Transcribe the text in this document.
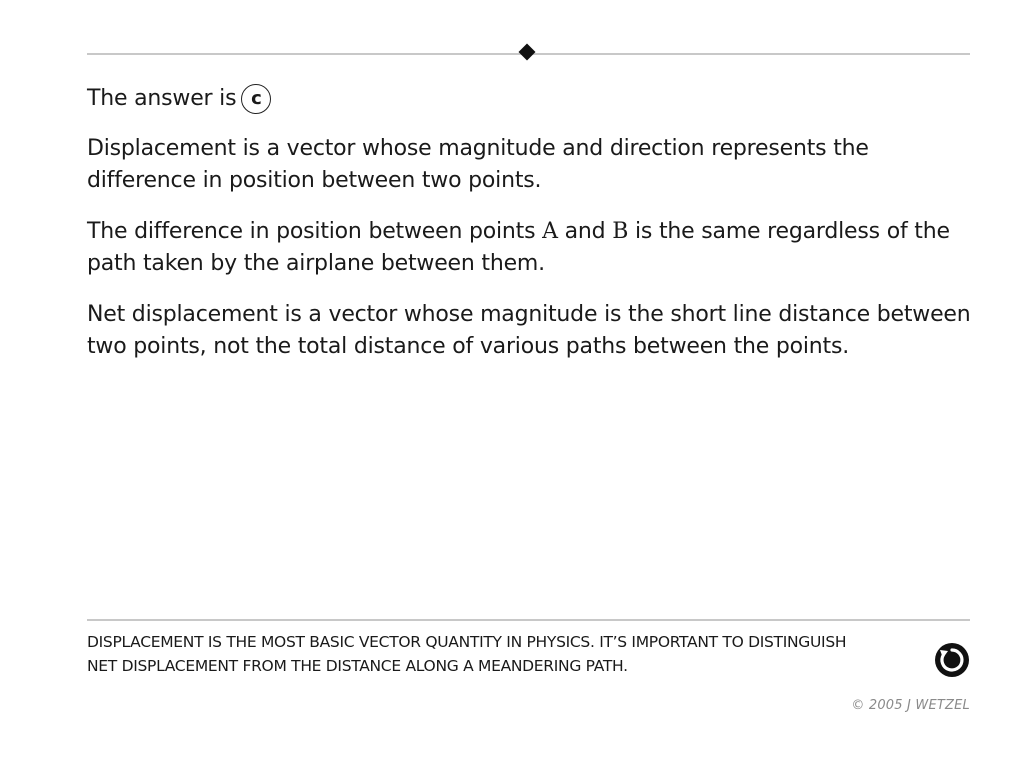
The answer is c

Displacement is a vector whose magnitude and direction represents the difference in position between two points.

The difference in position between points A and B is the same regardless of the path taken by the airplane between them.

Net displacement is a vector whose magnitude is the short line distance between two points, not the total distance of various paths between the points.

DISPLACEMENT IS THE MOST BASIC VECTOR QUANTITY IN PHYSICS. IT’S IMPORTANT TO DISTINGUISH
NET DISPLACEMENT FROM THE DISTANCE ALONG A MEANDERING PATH.
© 2005 J WETZEL
